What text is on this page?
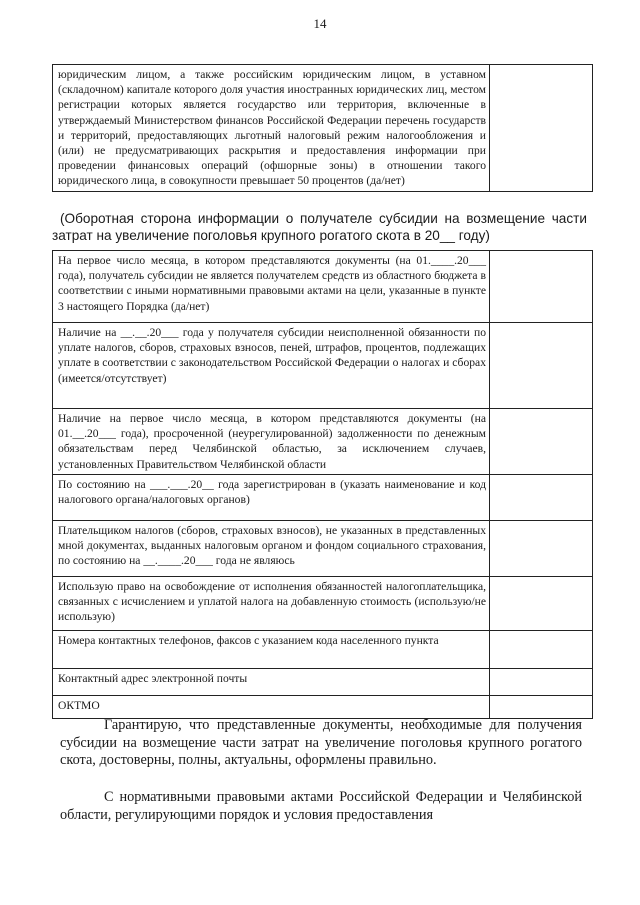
14
юридическим лицом, а также российским юридическим лицом, в уставном (складочном) капитале которого доля участия иностранных юридических лиц, местом регистрации которых является государство или территория, включенные в утверждаемый Министерством финансов Российской Федерации перечень государств и территорий, предоставляющих льготный налоговый режим налогообложения и (или) не предусматривающих раскрытия и предоставления информации при проведении финансовых операций (офшорные зоны) в отношении такого юридического лица, в совокупности превышает 50 процентов (да/нет)	
(Оборотная сторона информации о получателе субсидии на возмещение части затрат на увеличение поголовья крупного рогатого скота в 20__ году)
На первое число месяца, в котором представляются документы (на 01.____.20___ года), получатель субсидии не является получателем средств из областного бюджета в соответствии с иными нормативными правовыми актами на цели, указанные в пункте 3 настоящего Порядка (да/нет)	
Наличие на __.__.20___ года у получателя субсидии неисполненной обязанности по уплате налогов, сборов, страховых взносов, пеней, штрафов, процентов, подлежащих уплате в соответствии с законодательством Российской Федерации о налогах и сборах (имеется/отсутствует)	
Наличие на первое число месяца, в котором представляются документы (на 01.__.20___ года), просроченной (неурегулированной) задолженности по денежным обязательствам перед Челябинской областью, за исключением случаев, установленных Правительством Челябинской области	
По состоянию на ___.___.20__ года зарегистрирован в (указать наименование и код налогового органа/налоговых органов)	
Плательщиком налогов (сборов, страховых взносов), не указанных в представленных мной документах, выданных налоговым органом и фондом социального страхования, по состоянию на __.____.20___ года не являюсь	
Использую право на освобождение от исполнения обязанностей налогоплательщика, связанных с исчислением и уплатой налога на добавленную стоимость (использую/не использую)	
Номера контактных телефонов, факсов с указанием кода населенного пункта	
Контактный адрес электронной почты	
ОКТМО	
Гарантирую, что представленные документы, необходимые для получения субсидии на возмещение части затрат на увеличение поголовья крупного рогатого скота, достоверны, полны, актуальны, оформлены правильно.
С нормативными правовыми актами Российской Федерации и Челябинской области, регулирующими порядок и условия предоставления
